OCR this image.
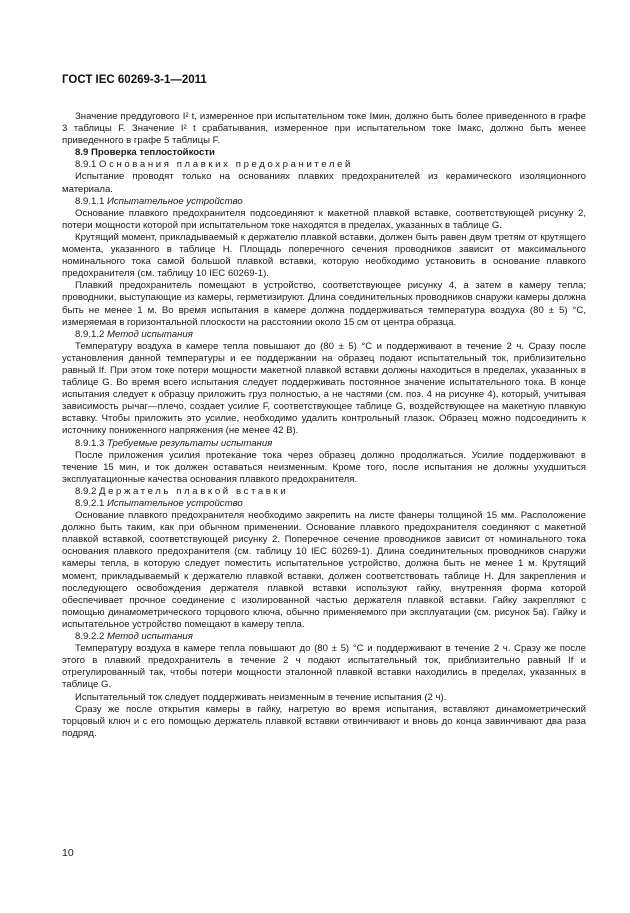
ГОСТ IEC 60269-3-1—2011

Значение преддугового I² t, измеренное при испытательном токе Iмин, должно быть более приведенного в графе 3 таблицы F. Значение I² t срабатывания, измеренное при испытательном токе Iмакс, должно быть менее приведенного в графе 5 таблицы F.

8.9 Проверка теплостойкости

8.9.1 Основания плавких предохранителей

Испытание проводят только на основаниях плавких предохранителей из керамического изоляционного материала.

8.9.1.1 Испытательное устройство

Основание плавкого предохранителя подсоединяют к макетной плавкой вставке, соответствующей рисунку 2, потери мощности которой при испытательном токе находятся в пределах, указанных в таблице G.

Крутящий момент, прикладываемый к держателю плавкой вставки, должен быть равен двум третям от крутящего момента, указанного в таблице H. Площадь поперечного сечения проводников зависит от максимального номинального тока самой большой плавкой вставки, которую необходимо установить в основание плавкого предохранителя (см. таблицу 10 IEC 60269-1).

Плавкий предохранитель помещают в устройство, соответствующее рисунку 4, а затем в камеру тепла; проводники, выступающие из камеры, герметизируют. Длина соединительных проводников снаружи камеры должна быть не менее 1 м. Во время испытания в камере должна поддерживаться температура воздуха (80 ± 5) °С, измеряемая в горизонтальной плоскости на расстоянии около 15 см от центра образца.

8.9.1.2 Метод испытания

Температуру воздуха в камере тепла повышают до (80 ± 5) °С и поддерживают в течение 2 ч. Сразу после установления данной температуры и ее поддержании на образец подают испытательный ток, приблизительно равный If. При этом токе потери мощности макетной плавкой вставки должны находиться в пределах, указанных в таблице G. Во время всего испытания следует поддерживать постоянное значение испытательного тока. В конце испытания следует к образцу приложить груз полностью, а не частями (см. поз. 4 на рисунке 4), который, учитывая зависимость рычаг—плечо, создает усилие F, соответствующее таблице G, воздействующее на макетную плавкую вставку. Чтобы приложить это усилие, необходимо удалить контрольный глазок. Образец можно подсоединить к источнику пониженного напряжения (не менее 42 В).

8.9.1.3 Требуемые результаты испытания

После приложения усилия протекание тока через образец должно продолжаться. Усилие поддерживают в течение 15 мин, и ток должен оставаться неизменным. Кроме того, после испытания не должны ухудшиться эксплуатационные качества основания плавкого предохранителя.

8.9.2 Держатель плавкой вставки

8.9.2.1 Испытательное устройство

Основание плавкого предохранителя необходимо закрепить на листе фанеры толщиной 15 мм. Расположение должно быть таким, как при обычном применении. Основание плавкого предохранителя соединяют с макетной плавкой вставкой, соответствующей рисунку 2. Поперечное сечение проводников зависит от номинального тока основания плавкого предохранителя (см. таблицу 10 IEC 60269-1). Длина соединительных проводников снаружи камеры тепла, в которую следует поместить испытательное устройство, должна быть не менее 1 м. Крутящий момент, прикладываемый к держателю плавкой вставки, должен соответствовать таблице H. Для закрепления и последующего освобождения держателя плавкой вставки используют гайку, внутренняя форма которой обеспечивает прочное соединение с изолированной частью держателя плавкой вставки. Гайку закрепляют с помощью динамометрического торцового ключа, обычно применяемого при эксплуатации (см. рисунок 5а). Гайку и испытательное устройство помещают в камеру тепла.

8.9.2.2 Метод испытания

Температуру воздуха в камере тепла повышают до (80 ± 5) °С и поддерживают в течение 2 ч. Сразу же после этого в плавкий предохранитель в течение 2 ч подают испытательный ток, приблизительно равный If и отрегулированный так, чтобы потери мощности эталонной плавкой вставки находились в пределах, указанных в таблице G.

Испытательный ток следует поддерживать неизменным в течение испытания (2 ч).

Сразу же после открытия камеры в гайку, нагретую во время испытания, вставляют динамометрический торцовый ключ и с его помощью держатель плавкой вставки отвинчивают и вновь до конца завинчивают два раза подряд.

10
